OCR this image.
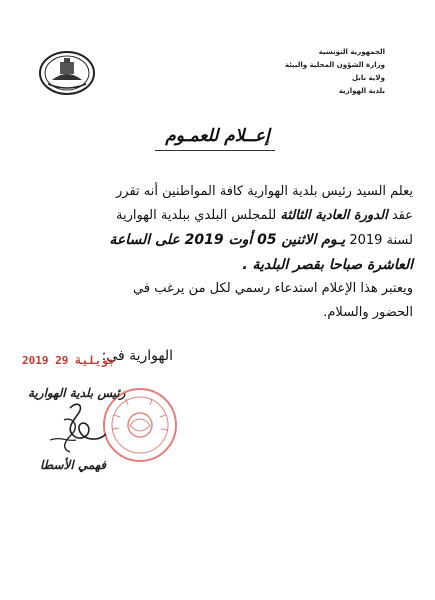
الجمهورية التونسية
وزارة الشؤون المحلية والبيئة
ولاية نابل
بلدية الهوارية
إعــلام للعمـوم

يعلم السيد رئيس بلدية الهوارية كافة المواطنين أنه تقرر

عقد الدورة العادية الثالثة للمجلس البلدي ببلدية الهوارية

لسنة 2019 يـوم الاثنين 05 أوت 2019 على الساعة

العاشرة صباحا بقصر البلدية .

ويعتبر هذا الإعلام استدعاء رسمي لكل من يرغب في

الحضور والسلام.

الهوارية في:
2019 جويلية 29
رئيس بلدية الهوارية
فهمي الأسطا
